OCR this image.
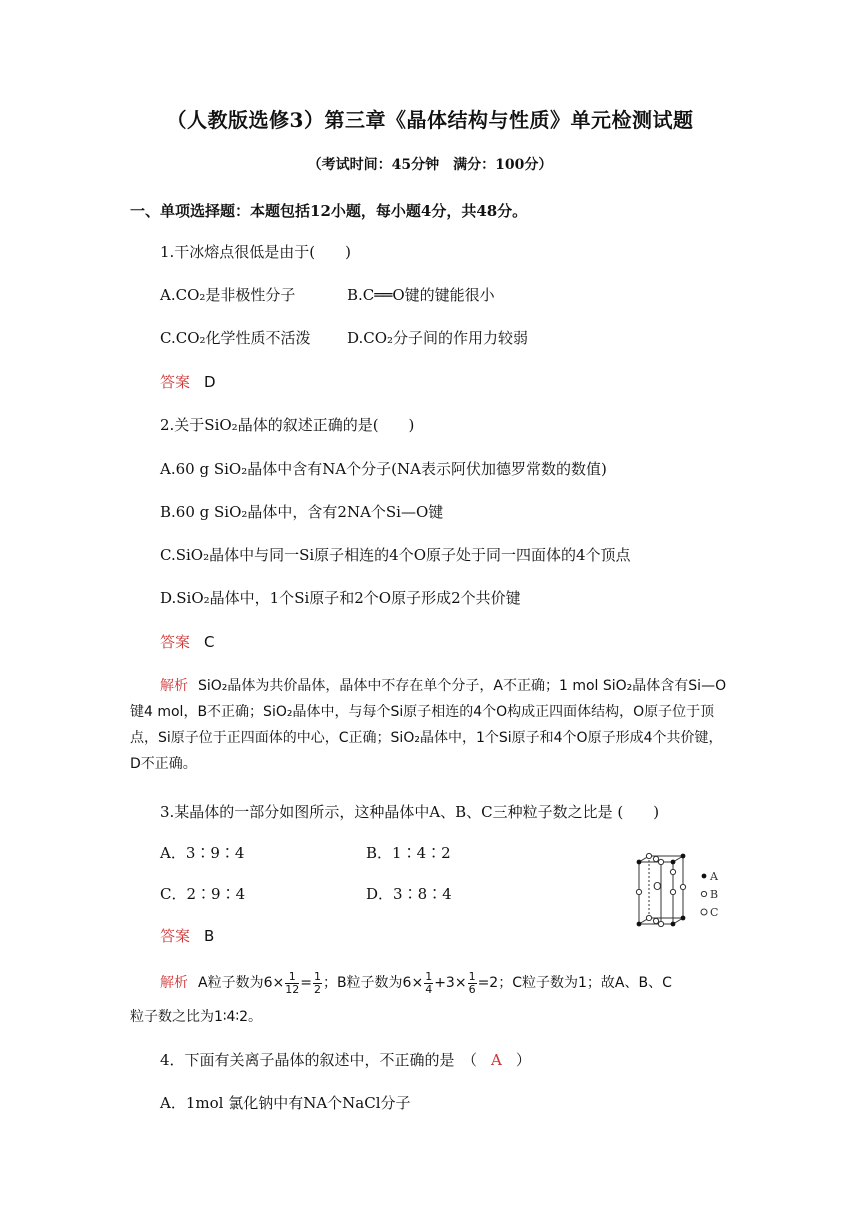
（人教版选修3）第三章《晶体结构与性质》单元检测试题
（考试时间：45分钟　满分：100分）
一、单项选择题：本题包括12小题，每小题4分，共48分。
1.干冰熔点很低是由于(　　)
A.CO₂是非极性分子	B.C══O键的键能很小
C.CO₂化学性质不活泼 D.CO₂分子间的作用力较弱
答案 D
2.关于SiO₂晶体的叙述正确的是(　　)
A.60 g SiO₂晶体中含有NA个分子(NA表示阿伏加德罗常数的数值)
B.60 g SiO₂晶体中，含有2NA个Si—O键
C.SiO₂晶体中与同一Si原子相连的4个O原子处于同一四面体的4个顶点
D.SiO₂晶体中，1个Si原子和2个O原子形成2个共价键
答案 C
解析 SiO₂晶体为共价晶体，晶体中不存在单个分子，A不正确；1 mol SiO₂晶体含有Si—O键4 mol，B不正确；SiO₂晶体中，与每个Si原子相连的4个O构成正四面体结构，O原子位于顶点，Si原子位于正四面体的中心，C正确；SiO₂晶体中，1个Si原子和4个O原子形成4个共价键，D不正确。
3.某晶体的一部分如图所示，这种晶体中A、B、C三种粒子数之比是 (　　)
A．3∶9∶4	B．1∶4∶2
C．2∶9∶4	D．3∶8∶4
答案 B
O
A
B
C
解析 A粒子数为$6\times \frac{1}{12} = \frac{1}{2}$ ；B粒子数为$6\times \frac{1}{4} +3\times \frac{1}{6} =2$；C粒子数为1；故A、B、C
粒子数之比为1∶4∶2。
4．下面有关离子晶体的叙述中，不正确的是　（ A ）
A．1mol 氯化钠中有NA个NaCl分子
